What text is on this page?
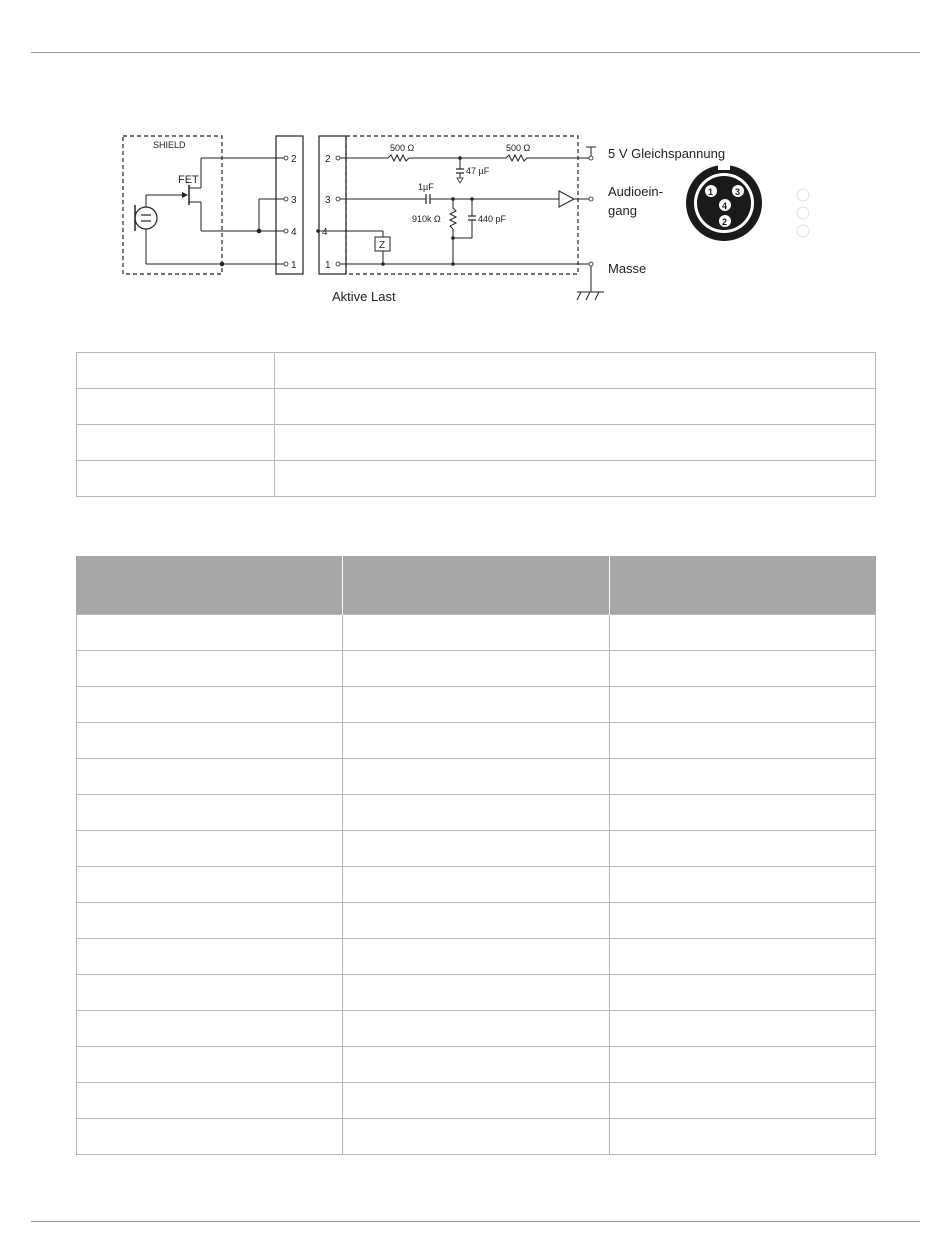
SHIELD
FET
2
3
4
1
2
3
4
1
500 Ω	500 Ω
47 µF
1µF
910k Ω	440 pF
Z
Aktive Last
5 V Gleichspannung
Audioein-
gang
Masse
1 3
4
2
